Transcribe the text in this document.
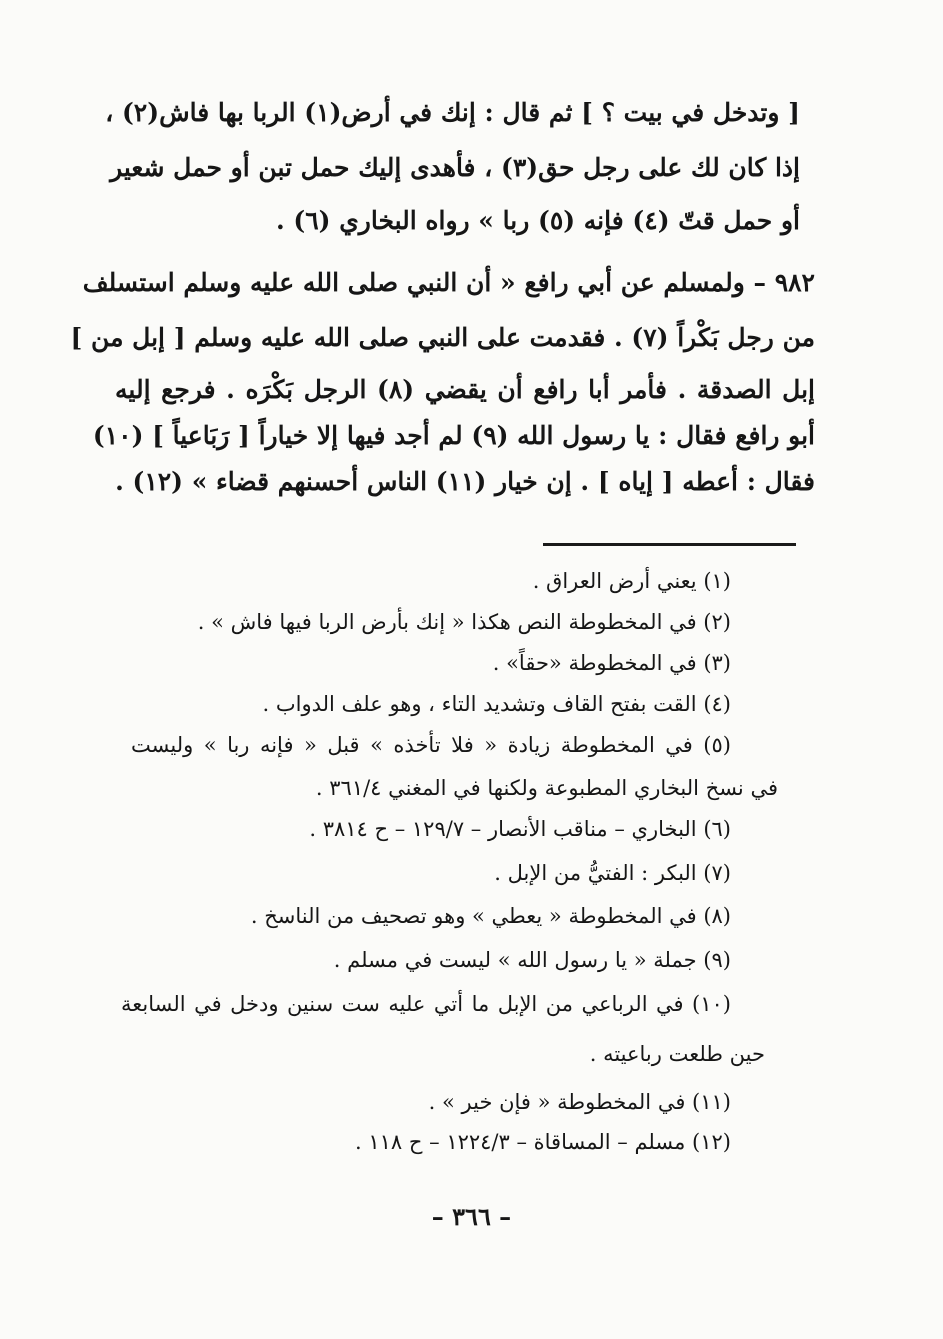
[ وتدخل في بيت ؟ ] ثم قال : إنك في أرض(١) الربا بها فاش(٢) ،
إذا كان لك على رجل حق(٣) ، فأهدى إليك حمل تبن أو حمل شعير
أو حمل قتّ (٤) فإنه (٥) ربا » رواه البخاري (٦) .
٩٨٢ – ولمسلم عن أبي رافع « أن النبي صلى الله عليه وسلم استسلف
من رجل بَكْراً (٧) . فقدمت على النبي صلى الله عليه وسلم [ إبل من ]
إبل الصدقة . فأمر أبا رافع أن يقضي (٨) الرجل بَكْرَه . فرجع إليه
أبو رافع فقال : يا رسول الله (٩) لم أجد فيها إلا خياراً [ رَبَاعياً ] (١٠)
فقال : أعطه [ إياه ] . إن خيار (١١) الناس أحسنهم قضاء » (١٢) .
(١) يعني أرض العراق .
(٢) في المخطوطة النص هكذا « إنك بأرض الربا فيها فاش » .
(٣) في المخطوطة «حقاً» .
(٤) القت بفتح القاف وتشديد التاء ، وهو علف الدواب .
(٥) في المخطوطة زيادة « فلا تأخذه » قبل « فإنه ربا » وليست
في نسخ البخاري المطبوعة ولكنها في المغني ٣٦١/٤ .
(٦) البخاري – مناقب الأنصار – ١٢٩/٧ – ح ٣٨١٤ .
(٧) البكر : الفتيُّ من الإبل .
(٨) في المخطوطة « يعطي » وهو تصحيف من الناسخ .
(٩) جملة « يا رسول الله » ليست في مسلم .
(١٠) في الرباعي من الإبل ما أتي عليه ست سنين ودخل في السابعة
حين طلعت رباعيته .
(١١) في المخطوطة « فإن خير » .
(١٢) مسلم – المساقاة – ١٢٢٤/٣ – ح ١١٨ .
– ٣٦٦ –
